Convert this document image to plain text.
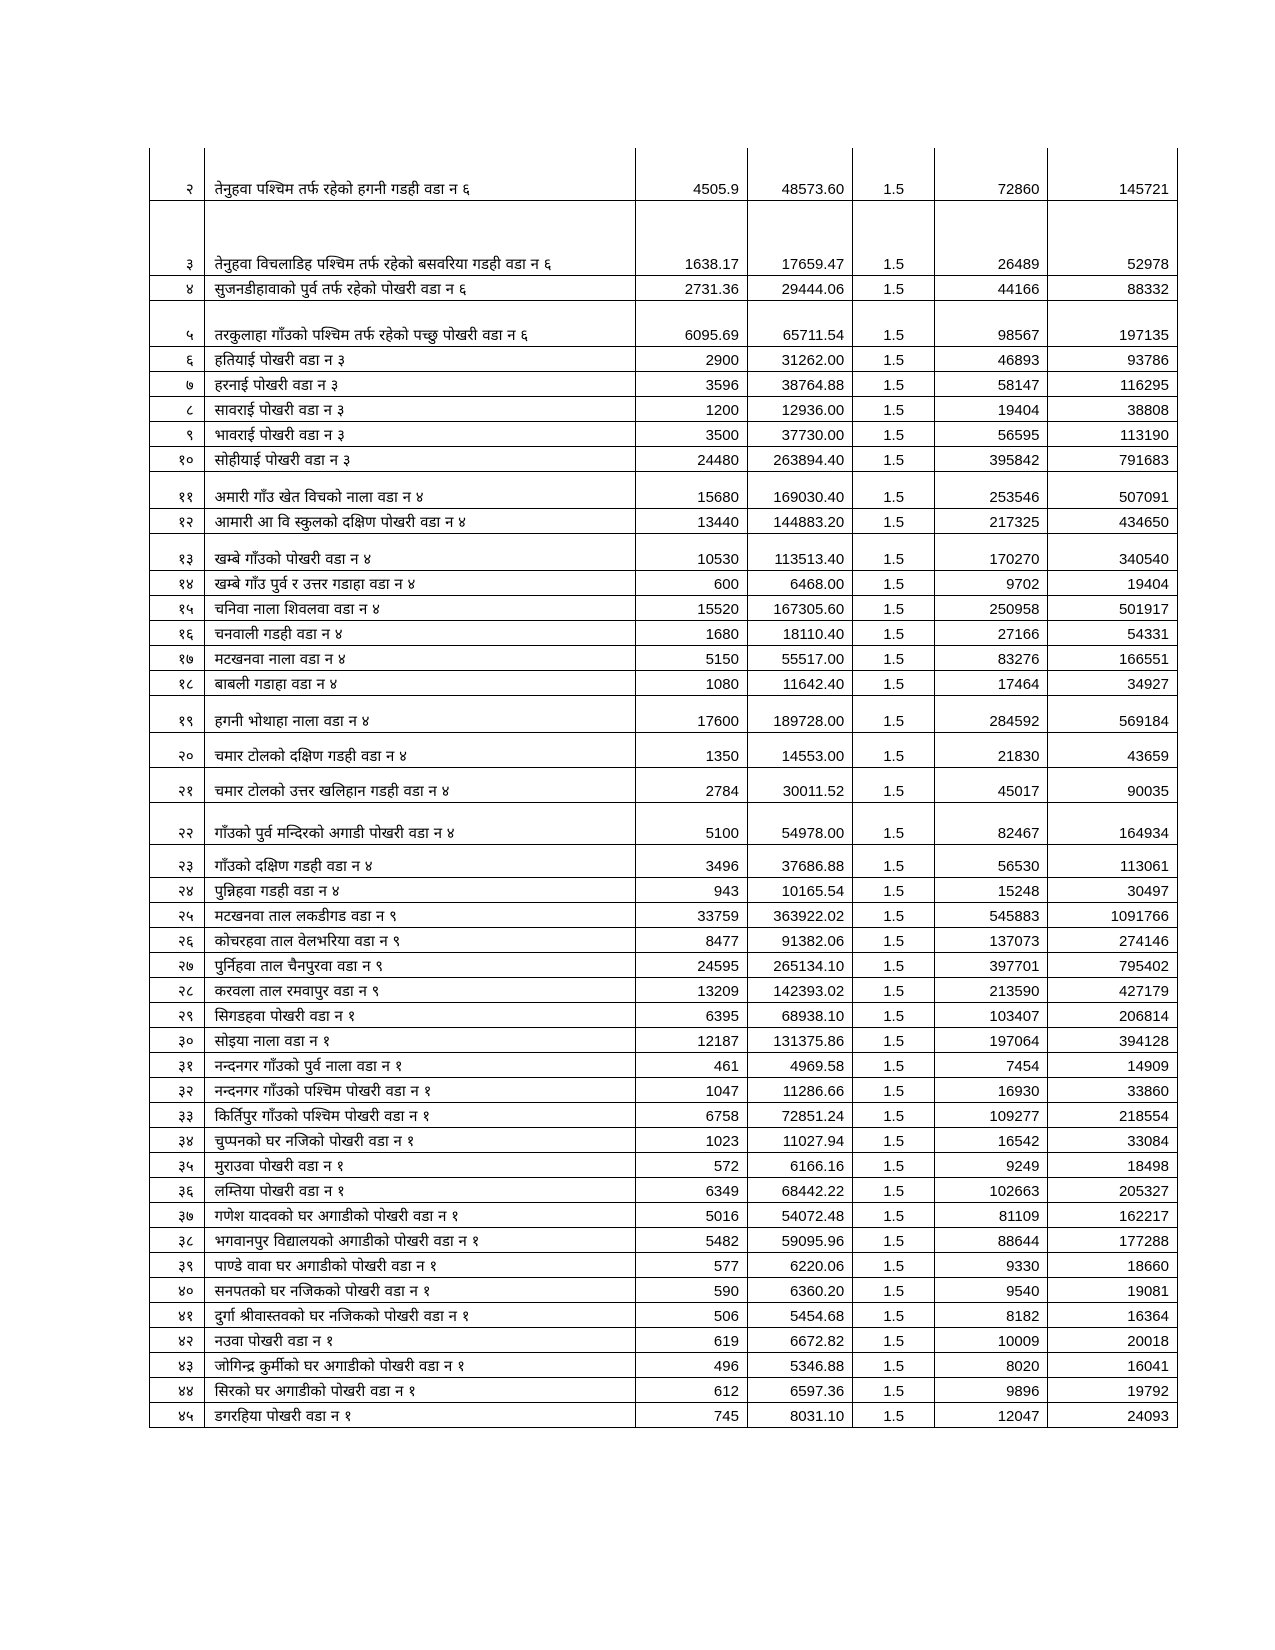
२	तेनुहवा पश्चिम तर्फ रहेको हगनी गडही वडा न ६	4505.9	48573.60	1.5	72860	145721
३	तेनुहवा विचलाडिह पश्चिम तर्फ रहेको बसवरिया गडही वडा न ६	1638.17	17659.47	1.5	26489	52978
४	सुजनडीहावाको पुर्व तर्फ रहेको पोखरी वडा न ६	2731.36	29444.06	1.5	44166	88332
५	तरकुलाहा गाँउको पश्चिम तर्फ रहेको पच्छु पोखरी वडा न ६	6095.69	65711.54	1.5	98567	197135
६	हतियाई पोखरी वडा न ३	2900	31262.00	1.5	46893	93786
७	हरनाई पोखरी वडा न ३	3596	38764.88	1.5	58147	116295
८	सावराई पोखरी वडा न ३	1200	12936.00	1.5	19404	38808
९	भावराई पोखरी वडा न ३	3500	37730.00	1.5	56595	113190
१०	सोहीयाई पोखरी वडा न ३	24480	263894.40	1.5	395842	791683
११	अमारी गाँउ खेत विचको नाला वडा न ४	15680	169030.40	1.5	253546	507091
१२	आमारी आ वि स्कुलको दक्षिण पोखरी वडा न ४	13440	144883.20	1.5	217325	434650
१३	खम्बे गाँउको पोखरी वडा न ४	10530	113513.40	1.5	170270	340540
१४	खम्बे गाँउ पुर्व र उत्तर गडाहा वडा न ४	600	6468.00	1.5	9702	19404
१५	चनिवा नाला शिवलवा वडा न ४	15520	167305.60	1.5	250958	501917
१६	चनवाली गडही वडा न ४	1680	18110.40	1.5	27166	54331
१७	मटखनवा नाला वडा न ४	5150	55517.00	1.5	83276	166551
१८	बाबली गडाहा वडा न ४	1080	11642.40	1.5	17464	34927
१९	हगनी भोथाहा नाला वडा न ४	17600	189728.00	1.5	284592	569184
२०	चमार टोलको दक्षिण गडही वडा न ४	1350	14553.00	1.5	21830	43659
२१	चमार टोलको उत्तर खलिहान गडही वडा न ४	2784	30011.52	1.5	45017	90035
२२	गाँउको पुर्व मन्दिरको अगाडी पोखरी वडा न ४	5100	54978.00	1.5	82467	164934
२३	गाँउको दक्षिण गडही वडा न ४	3496	37686.88	1.5	56530	113061
२४	पुन्निहवा गडही वडा न ४	943	10165.54	1.5	15248	30497
२५	मटखनवा ताल लकडीगड वडा न ९	33759	363922.02	1.5	545883	1091766
२६	कोचरहवा ताल वेलभरिया वडा न ९	8477	91382.06	1.5	137073	274146
२७	पुर्निहवा ताल चैनपुरवा वडा न ९	24595	265134.10	1.5	397701	795402
२८	करवला ताल रमवापुर वडा न ९	13209	142393.02	1.5	213590	427179
२९	सिगडहवा पोखरी वडा न १	6395	68938.10	1.5	103407	206814
३०	सोइया नाला वडा न १	12187	131375.86	1.5	197064	394128
३१	नन्दनगर गाँउको पुर्व नाला वडा न १	461	4969.58	1.5	7454	14909
३२	नन्दनगर गाँउको पश्चिम पोखरी वडा न १	1047	11286.66	1.5	16930	33860
३३	किर्तिपुर गाँउको पश्चिम पोखरी वडा न १	6758	72851.24	1.5	109277	218554
३४	चुप्पनको घर नजिको पोखरी वडा न १	1023	11027.94	1.5	16542	33084
३५	मुराउवा पोखरी वडा न १	572	6166.16	1.5	9249	18498
३६	लम्तिया पोखरी वडा न १	6349	68442.22	1.5	102663	205327
३७	गणेश यादवको घर अगाडीको पोखरी वडा न १	5016	54072.48	1.5	81109	162217
३८	भगवानपुर विद्यालयको अगाडीको पोखरी वडा न १	5482	59095.96	1.5	88644	177288
३९	पाण्डे वावा घर अगाडीको पोखरी वडा न १	577	6220.06	1.5	9330	18660
४०	सनपतको घर नजिकको पोखरी वडा न १	590	6360.20	1.5	9540	19081
४१	दुर्गा श्रीवास्तवको घर नजिकको पोखरी वडा न १	506	5454.68	1.5	8182	16364
४२	नउवा पोखरी वडा न १	619	6672.82	1.5	10009	20018
४३	जोगिन्द्र कुर्मीको घर अगाडीको पोखरी वडा न १	496	5346.88	1.5	8020	16041
४४	सिरको घर अगाडीको पोखरी वडा न १	612	6597.36	1.5	9896	19792
४५	डगरहिया पोखरी वडा न १	745	8031.10	1.5	12047	24093
